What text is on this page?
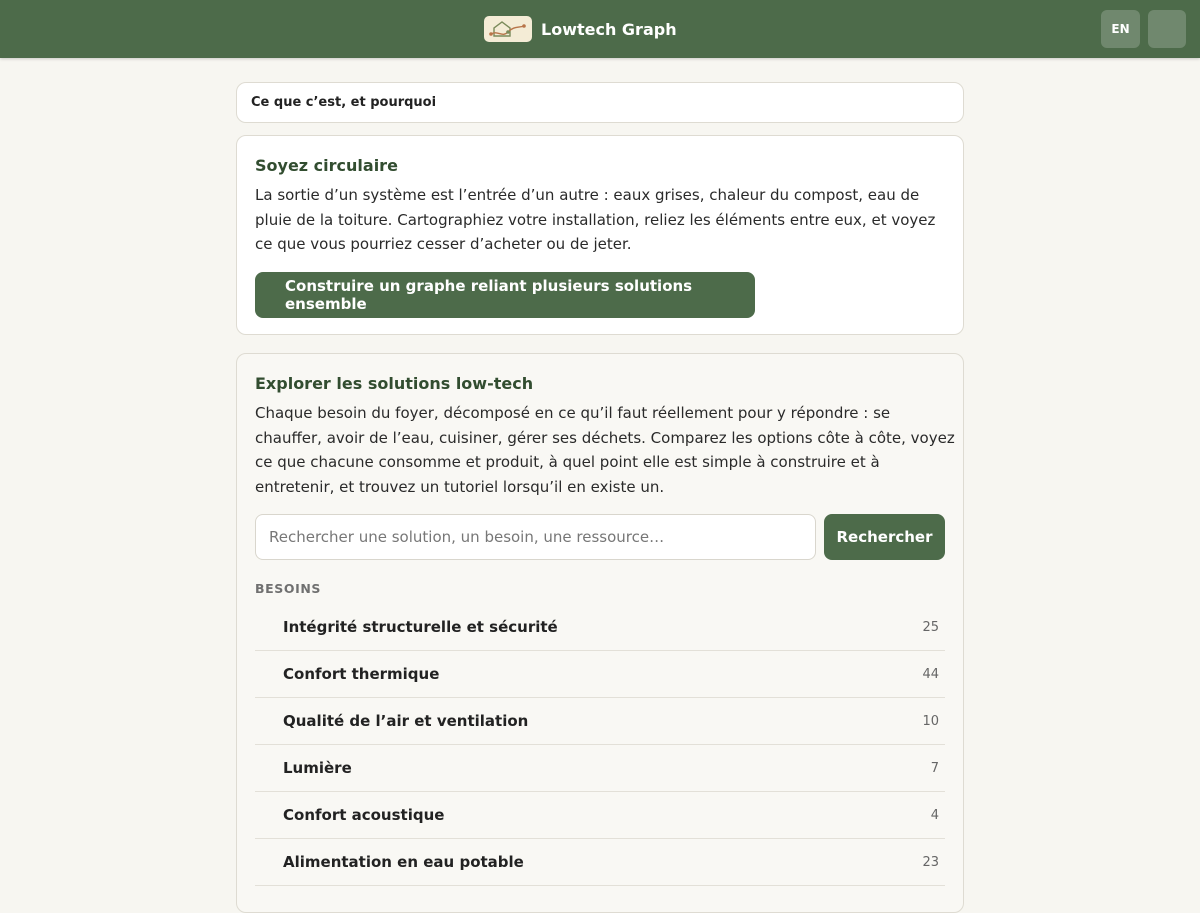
Lowtech Graph	EN
Ce que c’est, et pourquoi
Soyez circulaire

La sortie d’un système est l’entrée d’un autre : eaux grises, chaleur du compost, eau de pluie de la toiture. Cartographiez votre installation, reliez les éléments entre eux, et voyez ce que vous pourriez cesser d’acheter ou de jeter.

Construire un graphe reliant plusieurs solutions ensemble
Explorer les solutions low-tech

Chaque besoin du foyer, décomposé en ce qu’il faut réellement pour y répondre : se chauffer, avoir de l’eau, cuisiner, gérer ses déchets. Comparez les options côte à côte, voyez ce que chacune consomme et produit, à quel point elle est simple à construire et à entretenir, et trouvez un tutoriel lorsqu’il en existe un.

Rechercher une solution, un besoin, une ressource…
Rechercher
BESOINS
Intégrité structurelle et sécurité	25
Confort thermique	44
Qualité de l’air et ventilation	10
Lumière	7
Confort acoustique	4
Alimentation en eau potable	23
